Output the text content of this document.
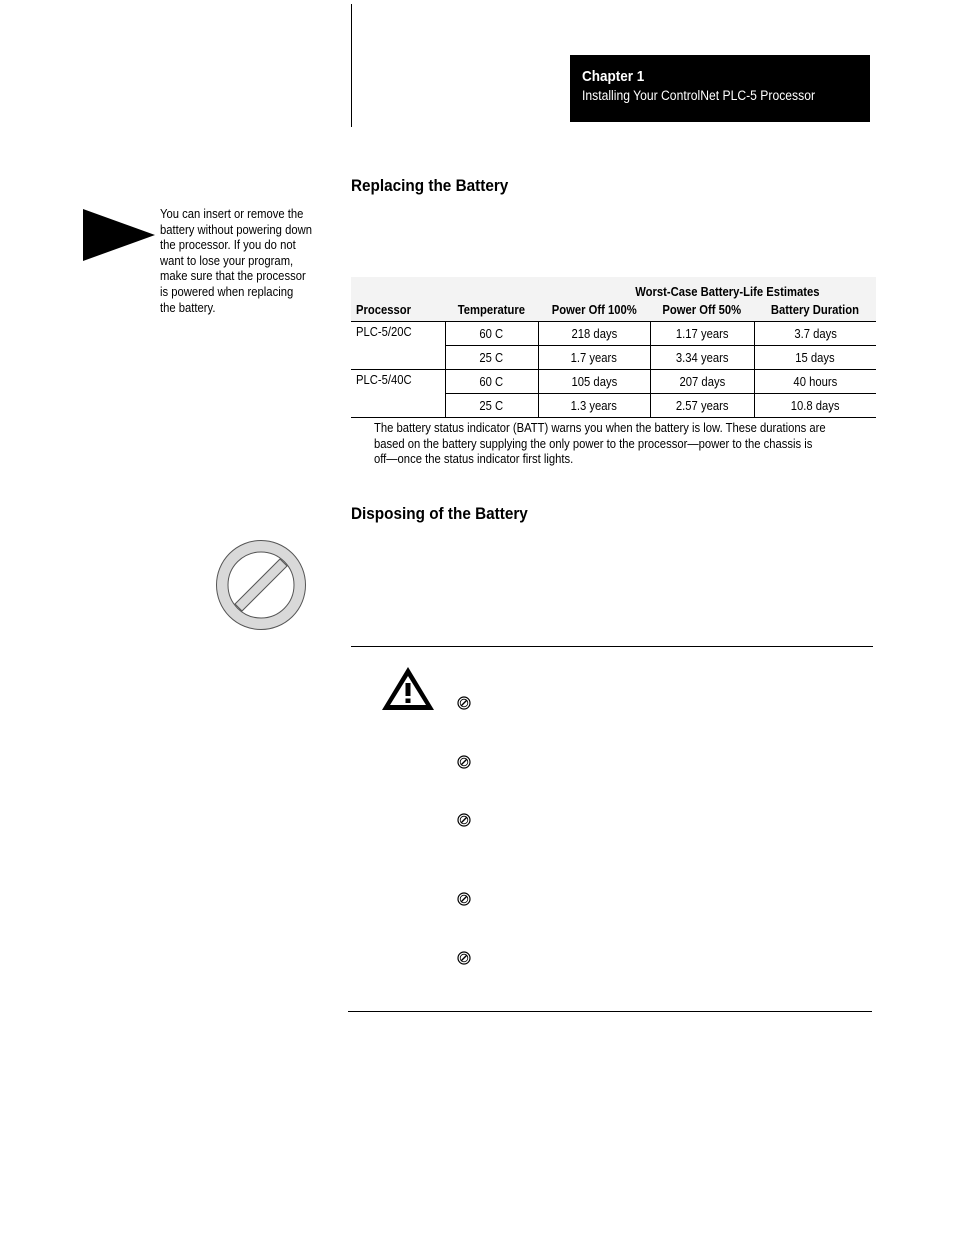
Chapter 1
Installing Your ControlNet PLC-5 Processor
Replacing the Battery
You can insert or remove the
battery without powering down
the processor. If you do not
want to lose your program,
make sure that the processor
is powered when replacing
the battery.
		Worst-Case Battery-Life Estimates		
Processor	Temperature	Power Off 100%	Power Off 50%	Battery Duration
PLC-5/20C	60 C	218 days	1.17 years	3.7 days
	25 C	1.7 years	3.34 years	15 days
PLC-5/40C	60 C	105 days	207 days	40 hours
	25 C	1.3 years	2.57 years	10.8 days
The battery status indicator (BATT) warns you when the battery is low. These durations are
based on the battery supplying the only power to the processor—power to the chassis is
off—once the status indicator first lights.
Disposing of the Battery
